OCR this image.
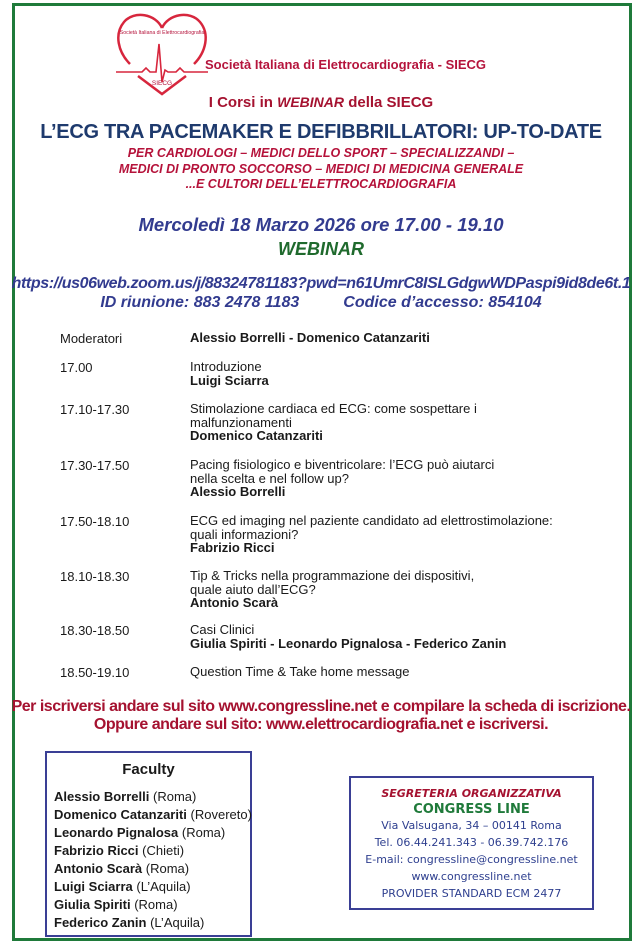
Società Italiana di Elettrocardiografia
SIECG
Società Italiana di Elettrocardiografia - SIECG
I Corsi in WEBINAR della SIECG
L’ECG TRA PACEMAKER E DEFIBBRILLATORI: UP-TO-DATE
PER CARDIOLOGI – MEDICI DELLO SPORT – SPECIALIZZANDI –
MEDICI DI PRONTO SOCCORSO – MEDICI DI MEDICINA GENERALE
...E CULTORI DELL’ELETTROCARDIOGRAFIA
Mercoledì 18 Marzo 2026 ore 17.00 - 19.10
WEBINAR
https://us06web.zoom.us/j/88324781183?pwd=n61UmrC8ISLGdgwWDPaspi9id8de6t.1
ID riunione: 883 2478 1183	Codice d’accesso: 854104
Moderatori	Alessio Borrelli - Domenico Catanzariti
17.00	Introduzione
Luigi Sciarra
17.10-17.30	Stimolazione cardiaca ed ECG: come sospettare i
malfunzionamenti
Domenico Catanzariti
17.30-17.50	Pacing fisiologico e biventricolare: l’ECG può aiutarci
nella scelta e nel follow up?
Alessio Borrelli
17.50-18.10	ECG ed imaging nel paziente candidato ad elettrostimolazione:
quali informazioni?
Fabrizio Ricci
18.10-18.30	Tip & Tricks nella programmazione dei dispositivi,
quale aiuto dall’ECG?
Antonio Scarà
18.30-18.50	Casi Clinici
Giulia Spiriti - Leonardo Pignalosa - Federico Zanin
18.50-19.10	Question Time & Take home message
Per iscriversi andare sul sito www.congressline.net e compilare la scheda di iscrizione.
Oppure andare sul sito: www.elettrocardiografia.net e iscriversi.
Faculty
Alessio Borrelli (Roma)
Domenico Catanzariti (Rovereto)
Leonardo Pignalosa (Roma)
Fabrizio Ricci (Chieti)
Antonio Scarà (Roma)
Luigi Sciarra (L’Aquila)
Giulia Spiriti (Roma)
Federico Zanin (L’Aquila)
SEGRETERIA ORGANIZZATIVA
CONGRESS LINE
Via Valsugana, 34 – 00141 Roma
Tel. 06.44.241.343 - 06.39.742.176
E-mail: congressline@congressline.net
www.congressline.net
PROVIDER STANDARD ECM 2477
